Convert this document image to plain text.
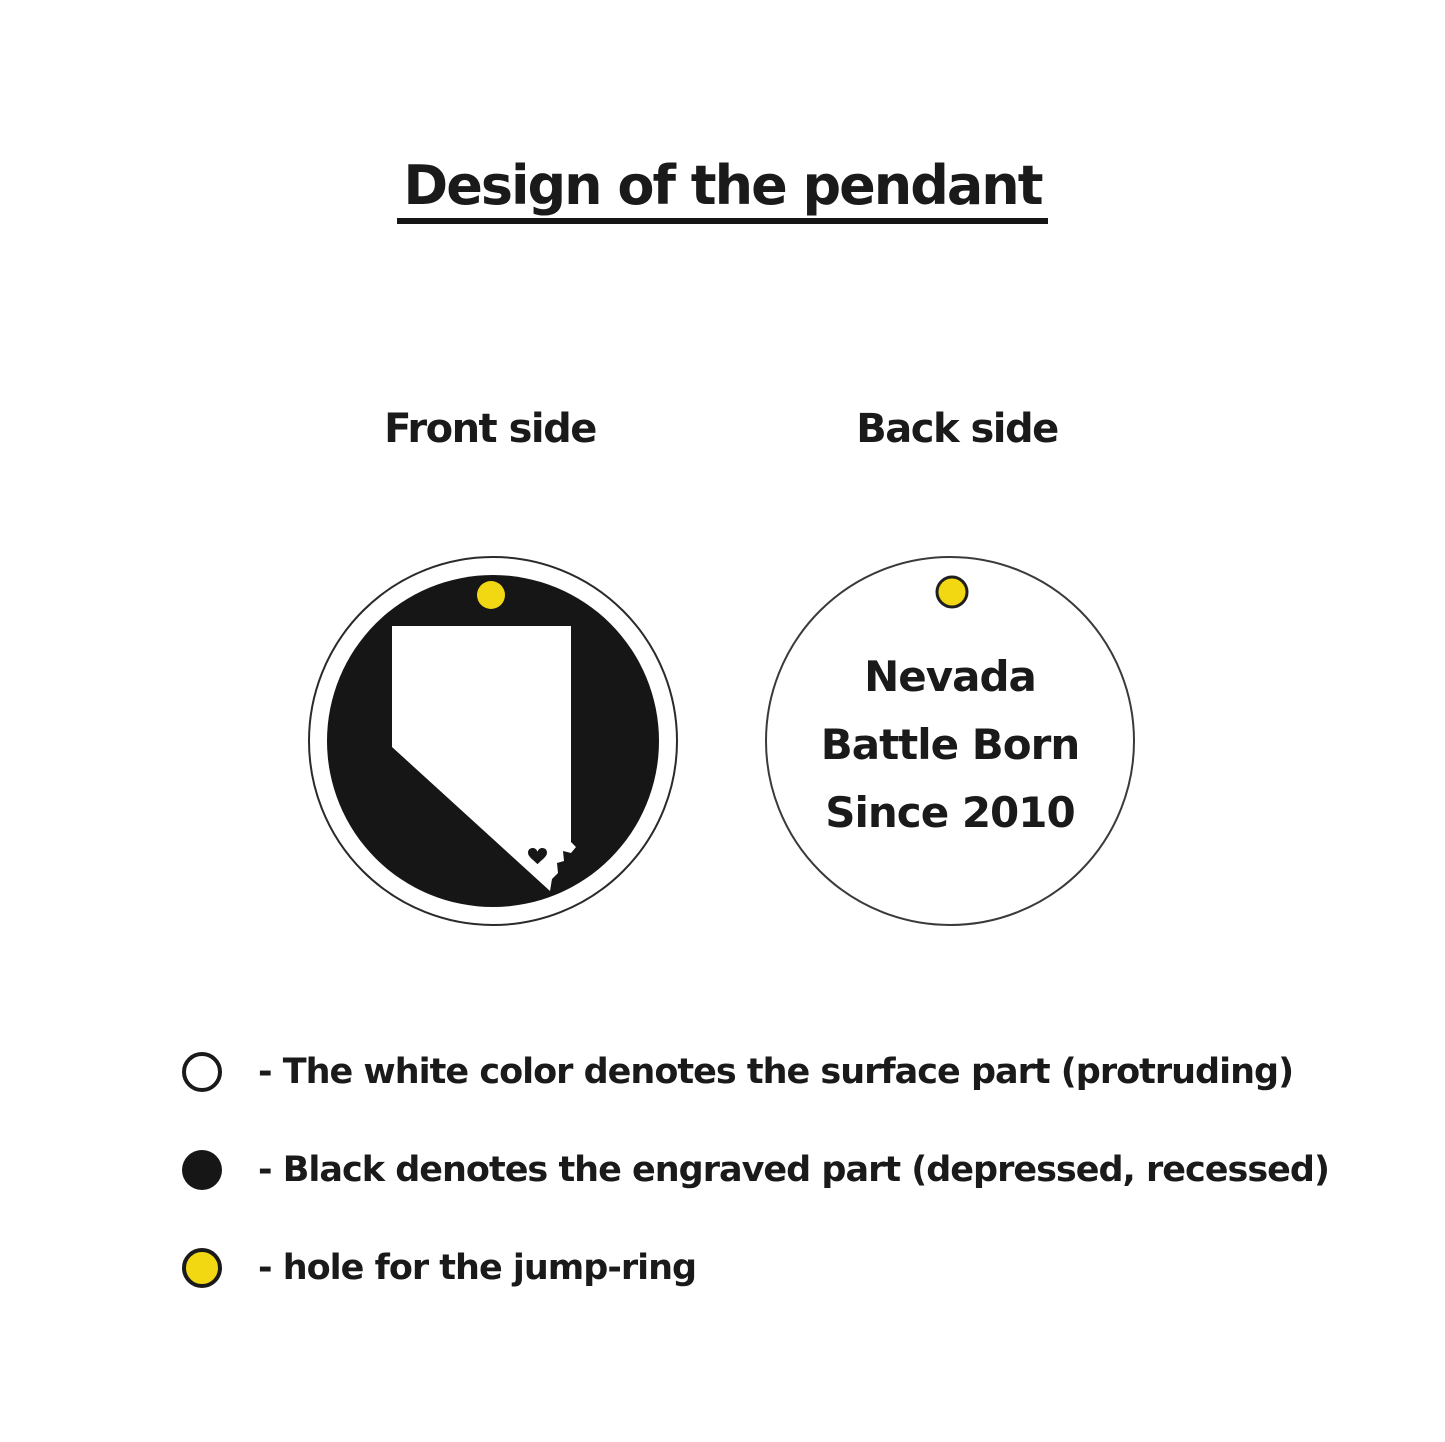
Design of the pendant
Front side	Back side
Nevada
Battle Born
Since 2010
- The white color denotes the surface part (protruding)
- Black denotes the engraved part (depressed, recessed)
- hole for the jump-ring
